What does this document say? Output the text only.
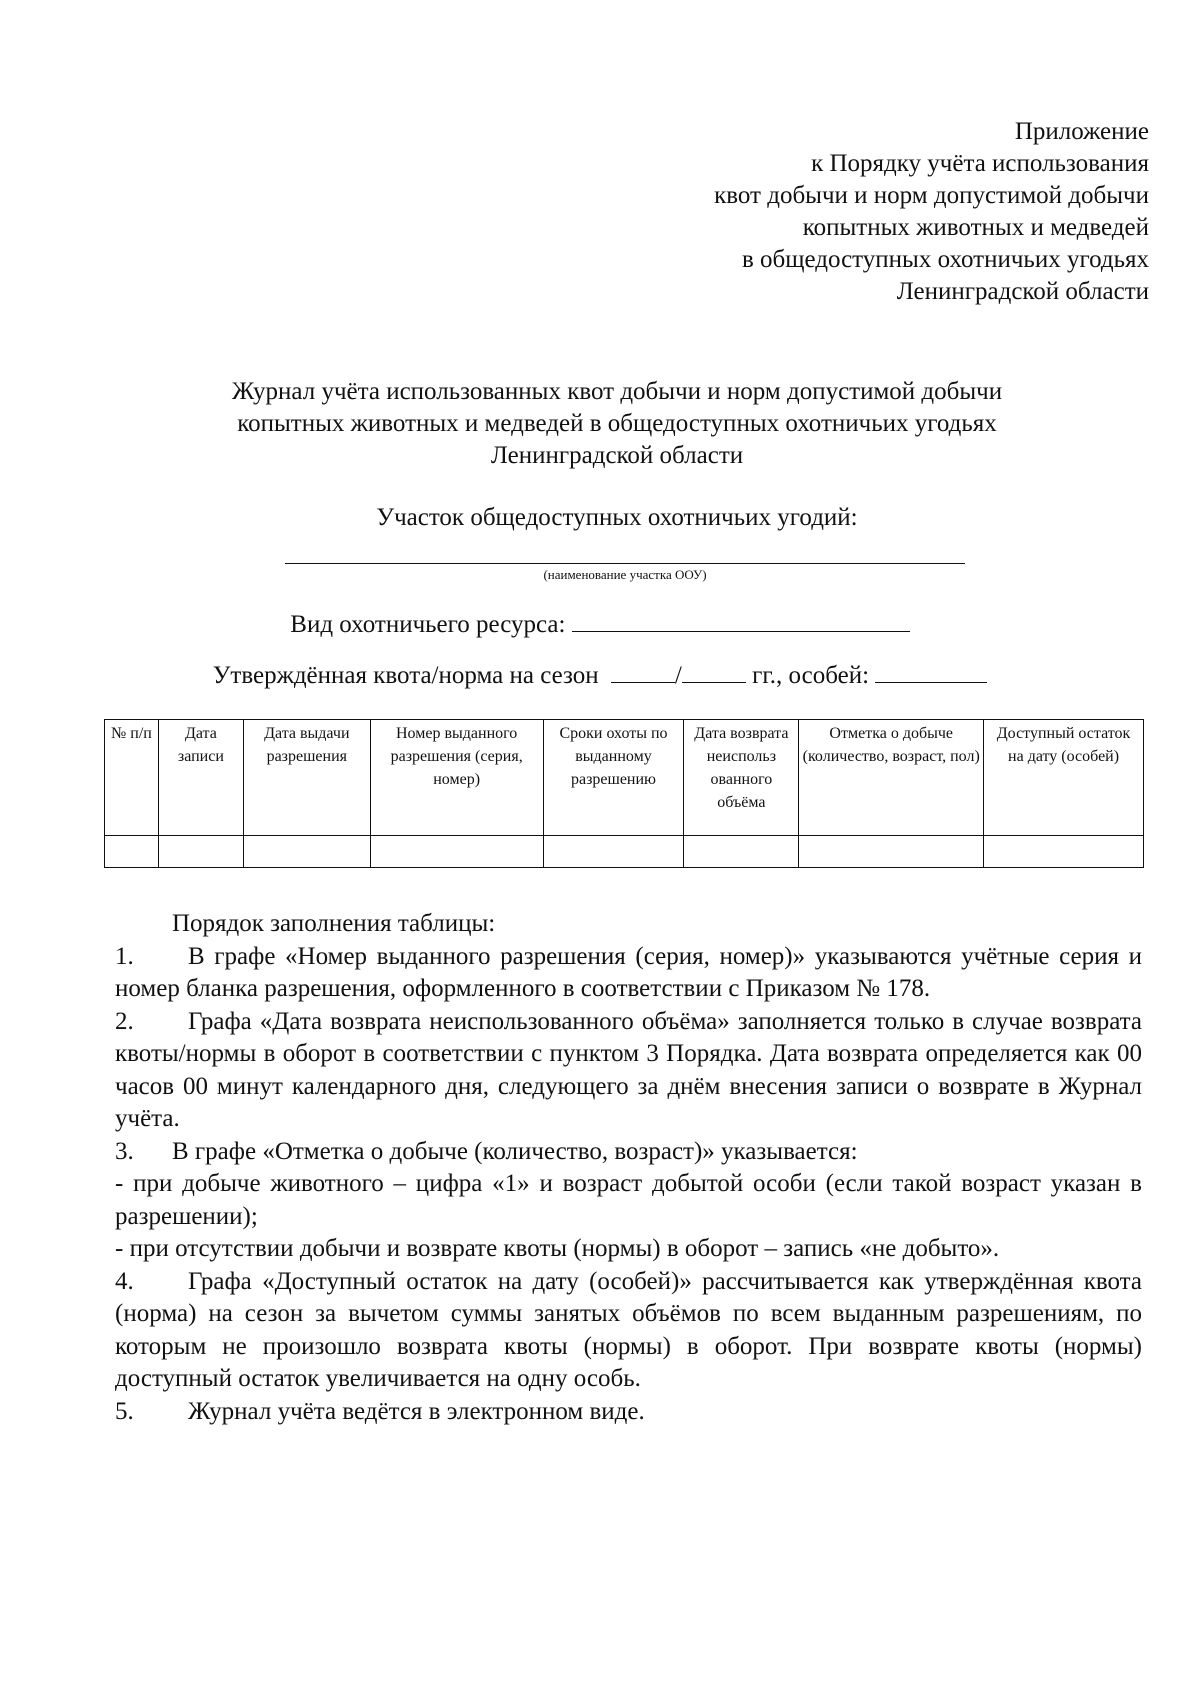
Приложение
к Порядку учёта использования
квот добычи и норм допустимой добычи
копытных животных и медведей
в общедоступных охотничьих угодьях
Ленинградской области
Журнал учёта использованных квот добычи и норм допустимой добычи
копытных животных и медведей в общедоступных охотничьих угодьях
Ленинградской области
Участок общедоступных охотничьих угодий:
(наименование участка ООУ)
Вид охотничьего ресурса:
Утверждённая квота/норма на сезон	/	гг., особей:
№ п/п	Дата записи	Дата выдачи разрешения	Номер выданного разрешения (серия, номер)	Сроки охоты по выданному разрешению	Дата возврата неиспольз ованного объёма	Отметка о добыче (количество, возраст, пол)	Доступный остаток на дату (особей)

Порядок заполнения таблицы:

1. В графе «Номер выданного разрешения (серия, номер)» указываются учётные серия и номер бланка разрешения, оформленного в соответствии с Приказом № 178.

2. Графа «Дата возврата неиспользованного объёма» заполняется только в случае возврата квоты/нормы в оборот в соответствии с пунктом 3 Порядка. Дата возврата определяется как 00 часов 00 минут календарного дня, следующего за днём внесения записи о возврате в Журнал учёта.

3. В графе «Отметка о добыче (количество, возраст)» указывается:

- при добыче животного – цифра «1» и возраст добытой особи (если такой возраст указан в разрешении);

- при отсутствии добычи и возврате квоты (нормы) в оборот – запись «не добыто».

4. Графа «Доступный остаток на дату (особей)» рассчитывается как утверждённая квота (норма) на сезон за вычетом суммы занятых объёмов по всем выданным разрешениям, по которым не произошло возврата квоты (нормы) в оборот. При возврате квоты (нормы) доступный остаток увеличивается на одну особь.

5. Журнал учёта ведётся в электронном виде.
